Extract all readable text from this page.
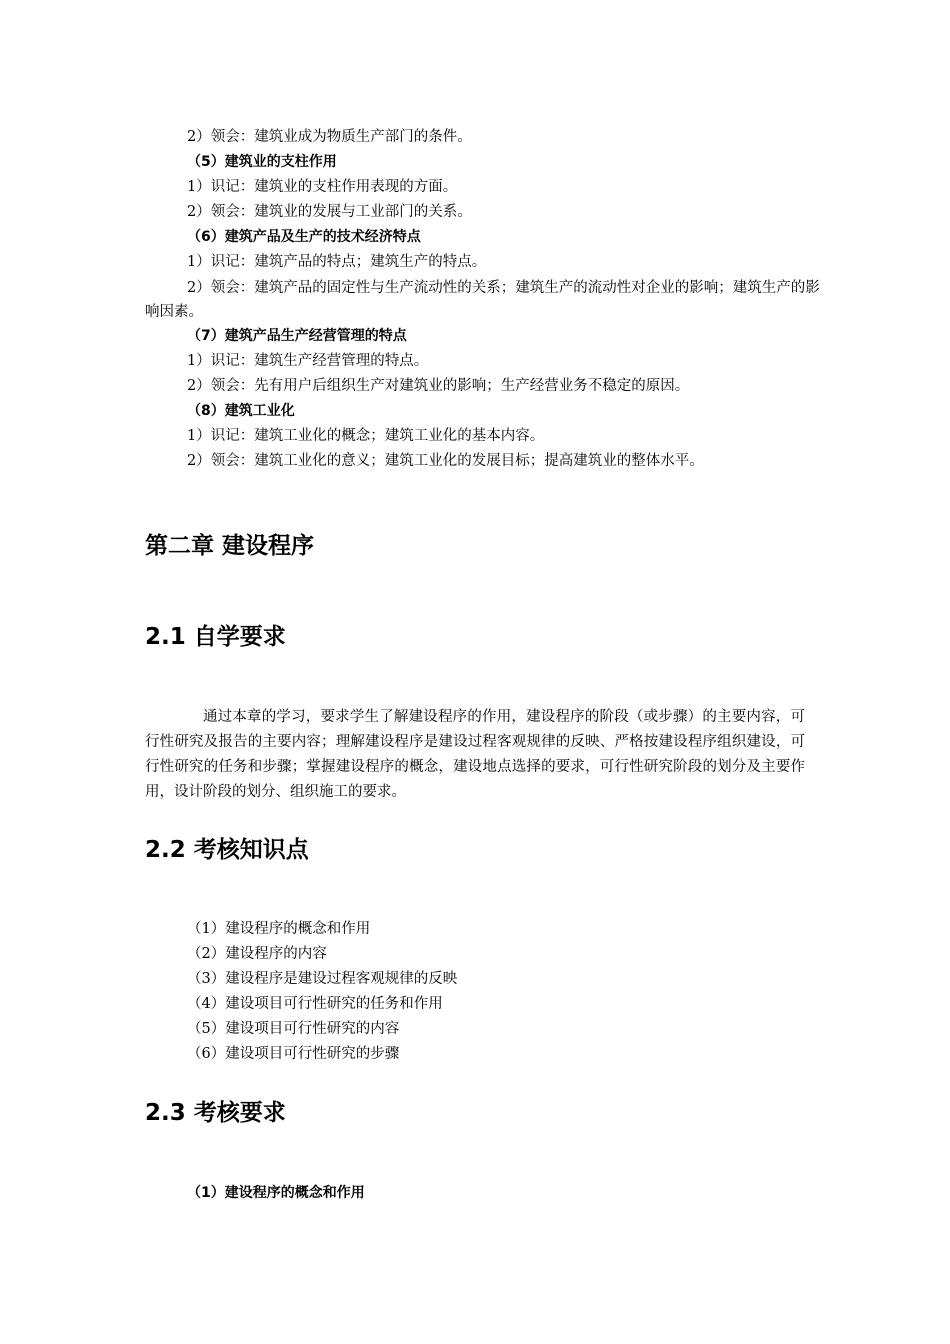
2）领会：建筑业成为物质生产部门的条件。
（5）建筑业的支柱作用
1）识记：建筑业的支柱作用表现的方面。
2）领会：建筑业的发展与工业部门的关系。
（6）建筑产品及生产的技术经济特点
1）识记：建筑产品的特点；建筑生产的特点。
2）领会：建筑产品的固定性与生产流动性的关系；建筑生产的流动性对企业的影响；建筑生产的影响因素。
（7）建筑产品生产经营管理的特点
1）识记：建筑生产经营管理的特点。
2）领会：先有用户后组织生产对建筑业的影响；生产经营业务不稳定的原因。
（8）建筑工业化
1）识记：建筑工业化的概念；建筑工业化的基本内容。
2）领会：建筑工业化的意义；建筑工业化的发展目标；提高建筑业的整体水平。
第二章 建设程序
2.1 自学要求
通过本章的学习，要求学生了解建设程序的作用，建设程序的阶段（或步骤）的主要内容，可行性研究及报告的主要内容；理解建设程序是建设过程客观规律的反映、严格按建设程序组织建设，可行性研究的任务和步骤；掌握建设程序的概念，建设地点选择的要求，可行性研究阶段的划分及主要作用，设计阶段的划分、组织施工的要求。
2.2 考核知识点
（1）建设程序的概念和作用
（2）建设程序的内容
（3）建设程序是建设过程客观规律的反映
（4）建设项目可行性研究的任务和作用
（5）建设项目可行性研究的内容
（6）建设项目可行性研究的步骤
2.3 考核要求
（1）建设程序的概念和作用
